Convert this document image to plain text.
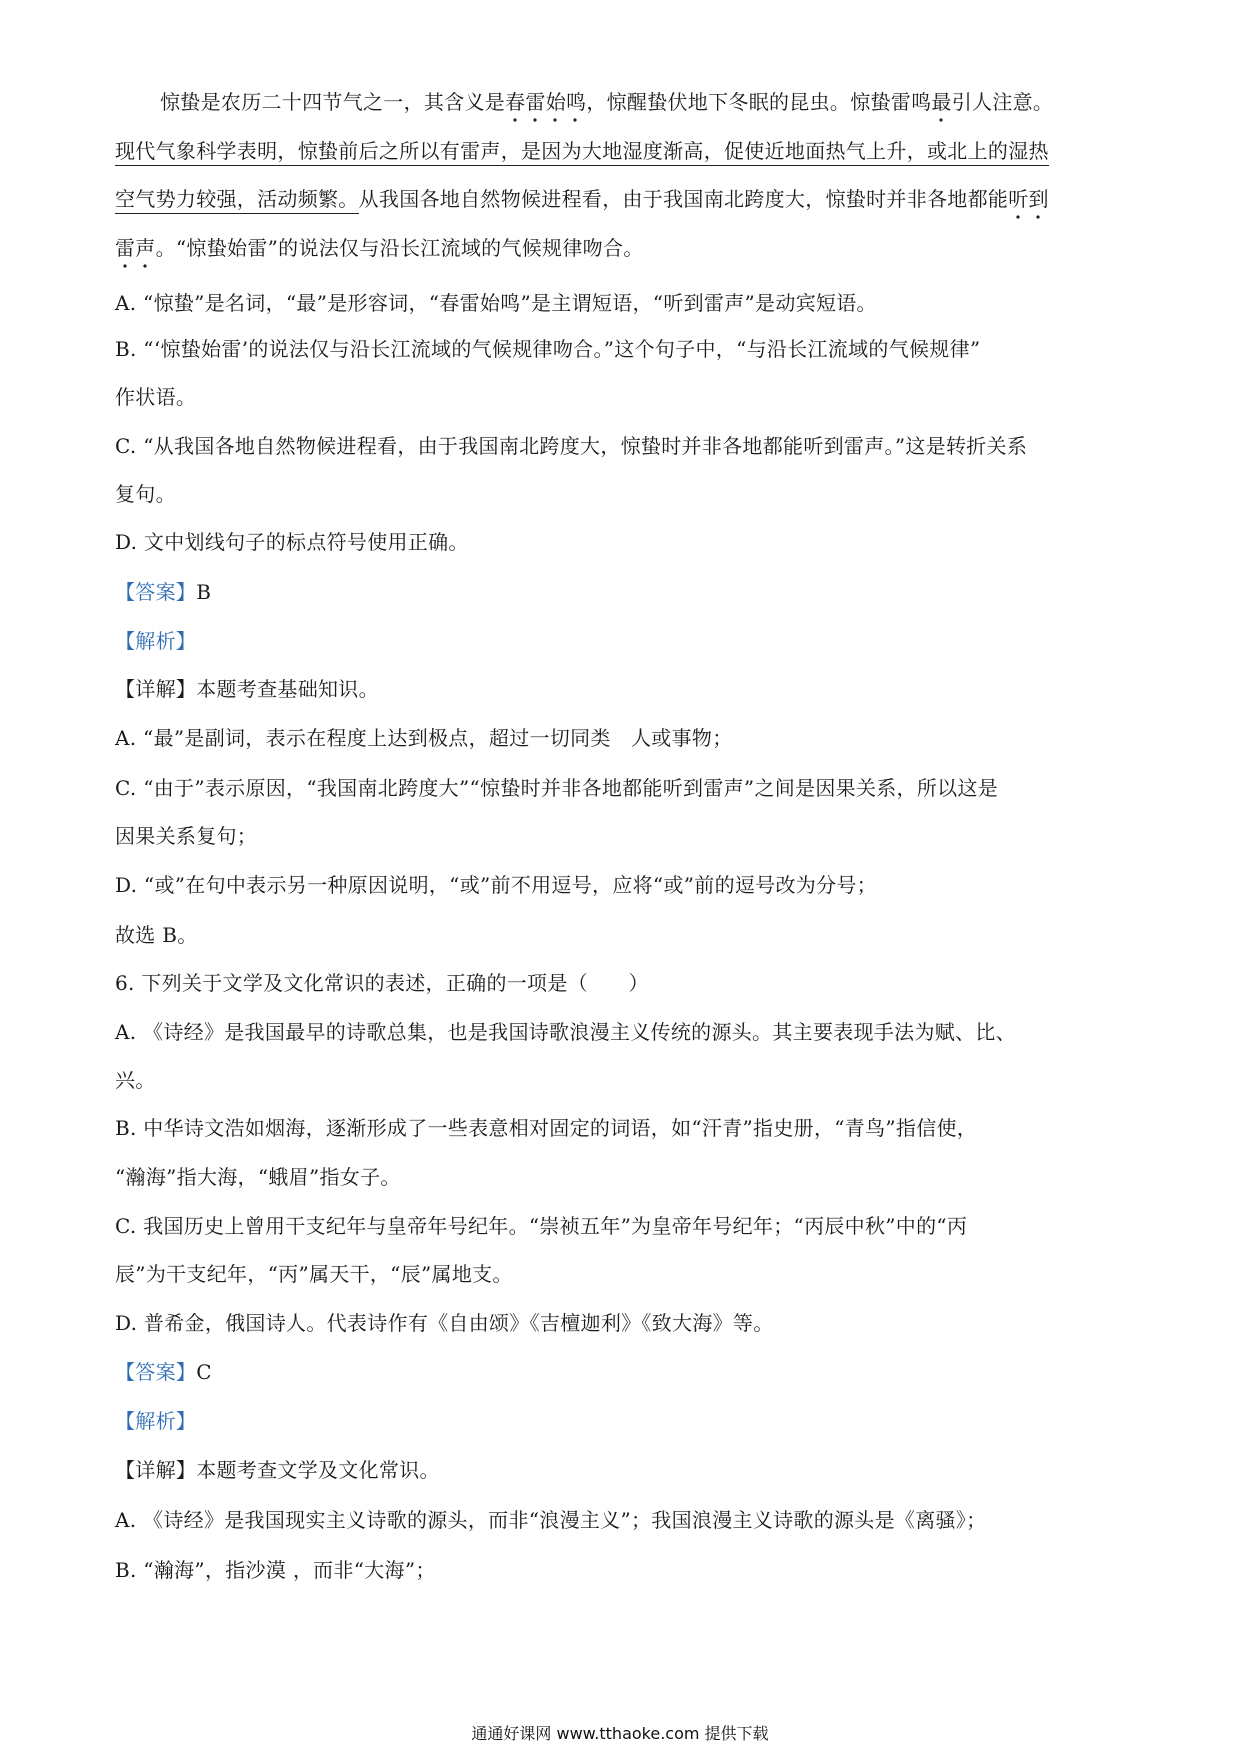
惊蛰是农历二十四节气之一，其含义是春雷始鸣，惊醒蛰伏地下冬眠的昆虫。惊蛰雷鸣最引人注意。
现代气象科学表明，惊蛰前后之所以有雷声，是因为大地湿度渐高，促使近地面热气上升，或北上的湿热
空气势力较强，活动频繁。从我国各地自然物候进程看，由于我国南北跨度大，惊蛰时并非各地都能听到
雷声。“惊蛰始雷”的说法仅与沿长江流域的气候规律吻合。
A. “惊蛰”是名词，“最”是形容词，“春雷始鸣”是主谓短语，“听到雷声”是动宾短语。
B. “‘惊蛰始雷’的说法仅与沿长江流域的气候规律吻合。”这个句子中，“与沿长江流域的气候规律”
作状语。
C. “从我国各地自然物候进程看，由于我国南北跨度大，惊蛰时并非各地都能听到雷声。”这是转折关系
复句。
D. 文中划线句子的标点符号使用正确。
【答案】B
【解析】
【详解】本题考查基础知识。
A. “最”是副词，表示在程度上达到极点，超过一切同类　人或事物；
C. “由于”表示原因，“我国南北跨度大”“惊蛰时并非各地都能听到雷声”之间是因果关系，所以这是
因果关系复句；
D. “或”在句中表示另一种原因说明，“或”前不用逗号，应将“或”前的逗号改为分号；
故选 B。
6. 下列关于文学及文化常识的表述，正确的一项是（　　）
A. 《诗经》是我国最早的诗歌总集，也是我国诗歌浪漫主义传统的源头。其主要表现手法为赋、比、
兴。
B. 中华诗文浩如烟海，逐渐形成了一些表意相对固定的词语，如“汗青”指史册，“青鸟”指信使，
“瀚海”指大海，“蛾眉”指女子。
C. 我国历史上曾用干支纪年与皇帝年号纪年。“崇祯五年”为皇帝年号纪年；“丙辰中秋”中的“丙
辰”为干支纪年，“丙”属天干，“辰”属地支。
D. 普希金，俄国诗人。代表诗作有《自由颂》《吉檀迦利》《致大海》等。
【答案】C
【解析】
【详解】本题考查文学及文化常识。
A. 《诗经》是我国现实主义诗歌的源头，而非“浪漫主义”；我国浪漫主义诗歌的源头是《离骚》；
B. “瀚海”，指沙漠 ，而非“大海”；
通通好课网 www.tthaoke.com 提供下载
